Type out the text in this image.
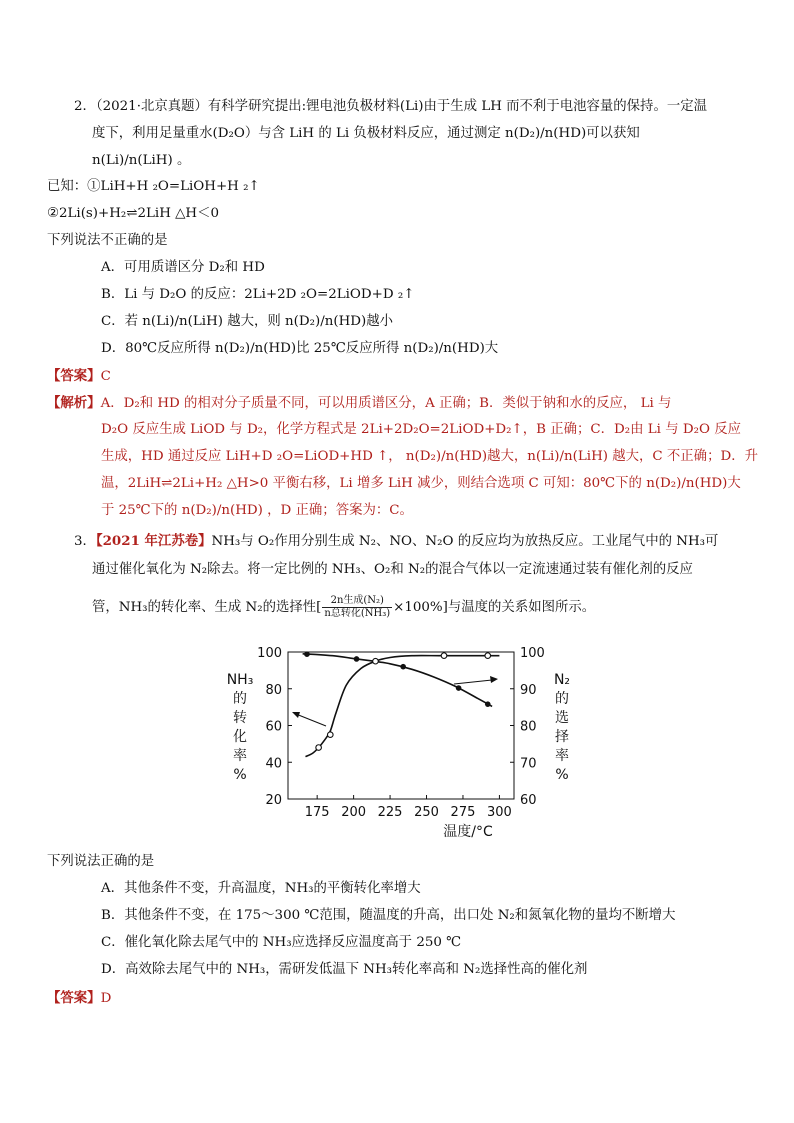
2．（2021·北京真题）有科学研究提出:锂电池负极材料(Li)由于生成 LH 而不利于电池容量的保持。一定温
度下，利用足量重水(D₂O）与含 LiH 的 Li 负极材料反应，通过测定 n(D₂)/n(HD)可以获知
n(Li)/n(LiH) 。
已知：①LiH+H ₂O=LiOH+H ₂↑
②2Li(s)+H₂⇌2LiH △H＜0
下列说法不正确的是
A．可用质谱区分 D₂和 HD
B．Li 与 D₂O 的反应：2Li+2D ₂O=2LiOD+D ₂↑
C．若 n(Li)/n(LiH) 越大，则 n(D₂)/n(HD)越小
D．80℃反应所得 n(D₂)/n(HD)比 25℃反应所得 n(D₂)/n(HD)大
【答案】C
【解析】A．D₂和 HD 的相对分子质量不同，可以用质谱区分，A 正确；B．类似于钠和水的反应， Li 与
D₂O 反应生成 LiOD 与 D₂，化学方程式是 2Li+2D₂O=2LiOD+D₂↑，B 正确；C．D₂由 Li 与 D₂O 反应
生成，HD 通过反应 LiH+D ₂O=LiOD+HD ↑， n(D₂)/n(HD)越大，n(Li)/n(LiH) 越大，C 不正确；D．升
温，2LiH⇌2Li+H₂ △H>0 平衡右移，Li 增多 LiH 减少，则结合选项 C 可知：80℃下的 n(D₂)/n(HD)大
于 25℃下的 n(D₂)/n(HD) ，D 正确；答案为：C。
3．【2021 年江苏卷】NH₃与 O₂作用分别生成 N₂、NO、N₂O 的反应均为放热反应。工业尾气中的 NH₃可
通过催化氧化为 N₂除去。将一定比例的 NH₃、O₂和 N₂的混合气体以一定流速通过装有催化剂的反应
管，NH₃的转化率、生成 N₂的选择性[ $\frac{\text{2n生成(N₂)}}{\text{n总转化(NH₃)}} \times 100\%$]与温度的关系如图所示。
20
40
60
80
100
60
70
80
90
100
175 200 225 250 275 300
NH₃
的
转
化
率
%
N₂
的
选
择
率
%
温度/°C
下列说法正确的是
A．其他条件不变，升高温度，NH₃的平衡转化率增大
B．其他条件不变，在 175～300 ℃范围，随温度的升高，出口处 N₂和氮氧化物的量均不断增大
C．催化氧化除去尾气中的 NH₃应选择反应温度高于 250 ℃
D．高效除去尾气中的 NH₃，需研发低温下 NH₃转化率高和 N₂选择性高的催化剂
【答案】D
